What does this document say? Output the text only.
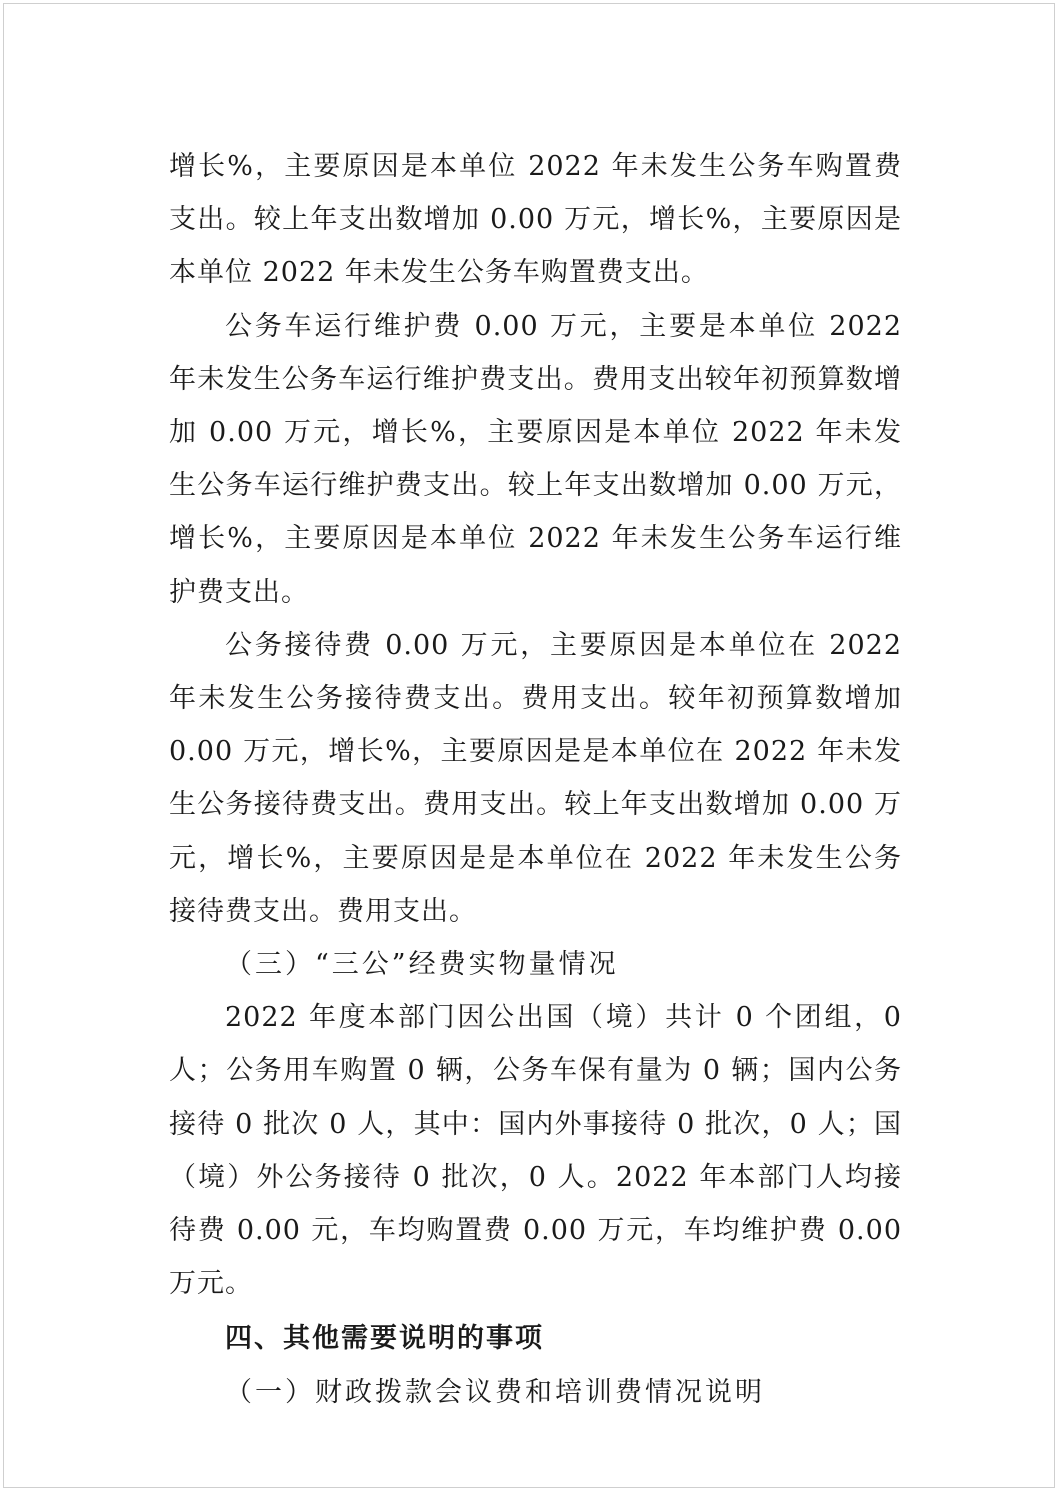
增长%，主要原因是本单位 2022 年未发生公务车购置费支出。较上年支出数增加 0.00 万元，增长%，主要原因是本单位 2022 年未发生公务车购置费支出。

公务车运行维护费 0.00 万元，主要是本单位 2022 年未发生公务车运行维护费支出。费用支出较年初预算数增加 0.00 万元，增长%，主要原因是本单位 2022 年未发生公务车运行维护费支出。较上年支出数增加 0.00 万元，增长%，主要原因是本单位 2022 年未发生公务车运行维护费支出。

公务接待费 0.00 万元，主要原因是本单位在 2022 年未发生公务接待费支出。费用支出。较年初预算数增加 0.00 万元，增长%，主要原因是是本单位在 2022 年未发生公务接待费支出。费用支出。较上年支出数增加 0.00 万元，增长%，主要原因是是本单位在 2022 年未发生公务接待费支出。费用支出。

（三）“三公”经费实物量情况

2022 年度本部门因公出国（境）共计 0 个团组，0 人；公务用车购置 0 辆，公务车保有量为 0 辆；国内公务接待 0 批次 0 人，其中：国内外事接待 0 批次，0 人；国（境）外公务接待 0 批次，0 人。2022 年本部门人均接待费 0.00 元，车均购置费 0.00 万元，车均维护费 0.00 万元。

四、其他需要说明的事项

（一）财政拨款会议费和培训费情况说明
